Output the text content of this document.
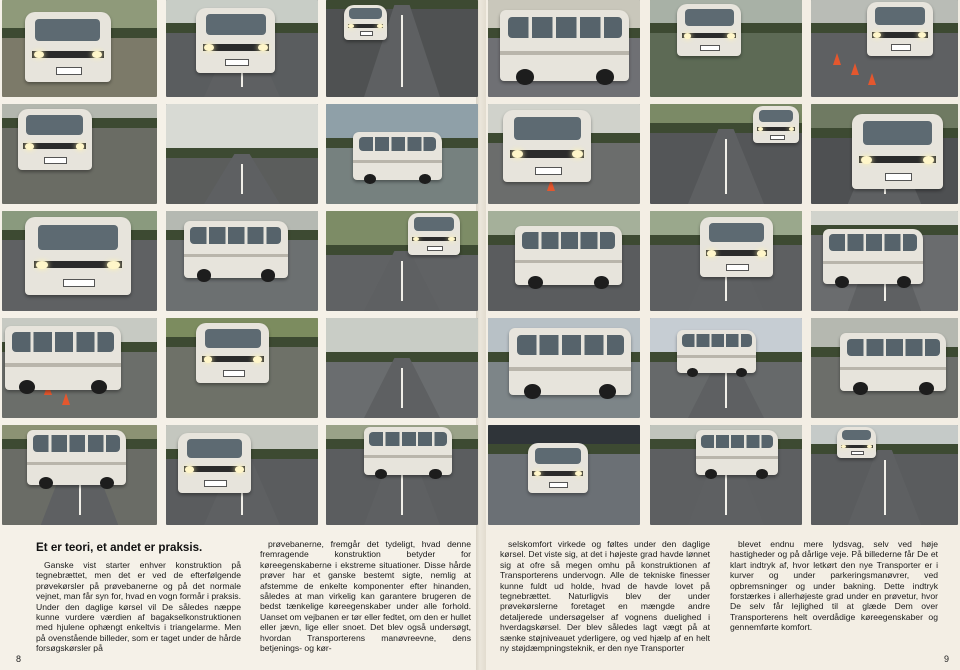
Et er teori, et andet er praksis.

Ganske vist starter enhver konstruktion på tegnebrættet, men det er ved de efterfølgende prøvekørsler på prøvebanerne og på det normale vejnet, man får syn for, hvad en vogn formår i praksis. Under den daglige kørsel vil De således næppe kunne vurdere værdien af bagakselkonstruktionen med hjulene ophængt enkeltvis i triangelarme. Men på ovenstående billeder, som er taget under de hårde forsøgskørsler på

prøvebanerne, fremgår det tydeligt, hvad denne fremragende konstruktion betyder for køreegenskaberne i ekstreme situationer. Disse hårde prøver har et ganske bestemt sigte, nemlig at afstemme de enkelte komponenter efter hinanden, således at man virkelig kan garantere brugeren de bedst tænkelige køreegenskaber under alle forhold. Uanset om vejbanen er tør eller fedtet, om den er hullet eller jævn, lige eller snoet. Det blev også undersøgt, hvordan Transporterens manøvreevne, dens betjenings- og kør-

selskomfort virkede og føltes under den daglige kørsel. Det viste sig, at det i højeste grad havde lønnet sig at ofre så megen omhu på konstruktionen af Transporterens undervogn. Alle de tekniske finesser kunne fuldt ud holde, hvad de havde lovet på tegnebrættet. Naturligvis blev der under prøvekørslerne foretaget en mængde andre detaljerede undersøgelser af vognens duelighed i hverdagskørsel. Der blev således lagt vægt på at sænke støjniveauet yderligere, og ved hjælp af en helt ny støjdæmpningsteknik, er den nye Transporter

blevet endnu mere lydsvag, selv ved høje hastigheder og på dårlige veje. På billederne får De et klart indtryk af, hvor letkørt den nye Transporter er i kurver og under parkeringsmanøvrer, ved opbremsninger og under bakning. Dette indtryk forstærkes i allerhøjeste grad under en prøvetur, hvor De selv får lejlighed til at glæde Dem over Transporterens helt overdådige køreegenskaber og gennemførte komfort.

8	9
